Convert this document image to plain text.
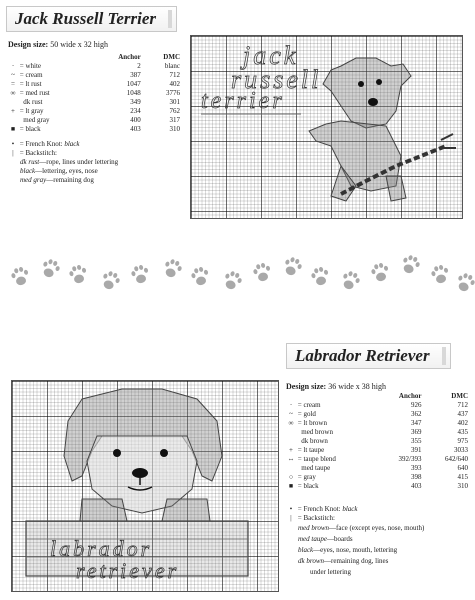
Jack Russell Terrier
Design size: 50 wide x 32 high
	Anchor	DMC
· = white	2	blanc
~ = cream	387	712
= = lt rust	1047	402
∞ = med rust	1048	3776
dk rust	349	301
+ = lt gray	234	762
med gray	400	317
■ = black	403	310
• = French Knot: black
| = Backstitch:
dk rust—rope, lines under lettering
black—lettering, eyes, nose
med gray—remaining dog
jack
russell
terrier
Labrador Retriever
Design size: 36 wide x 38 high
	Anchor	DMC
· = cream	926	712
~ = gold	362	437
∞ = lt brown	347	402
med brown	369	435
dk brown	355	975
+ = lt taupe	391	3033
⇔ = taupe blend	392/393	642/640
med taupe	393	640
○ = gray	398	415
■ = black	403	310
• = French Knot: black
| = Backstitch:
med brown—face (except eyes, nose, mouth)
med taupe—boards
black—eyes, nose, mouth, lettering
dk brown—remaining dog, lines
under lettering
labrador
retriever
